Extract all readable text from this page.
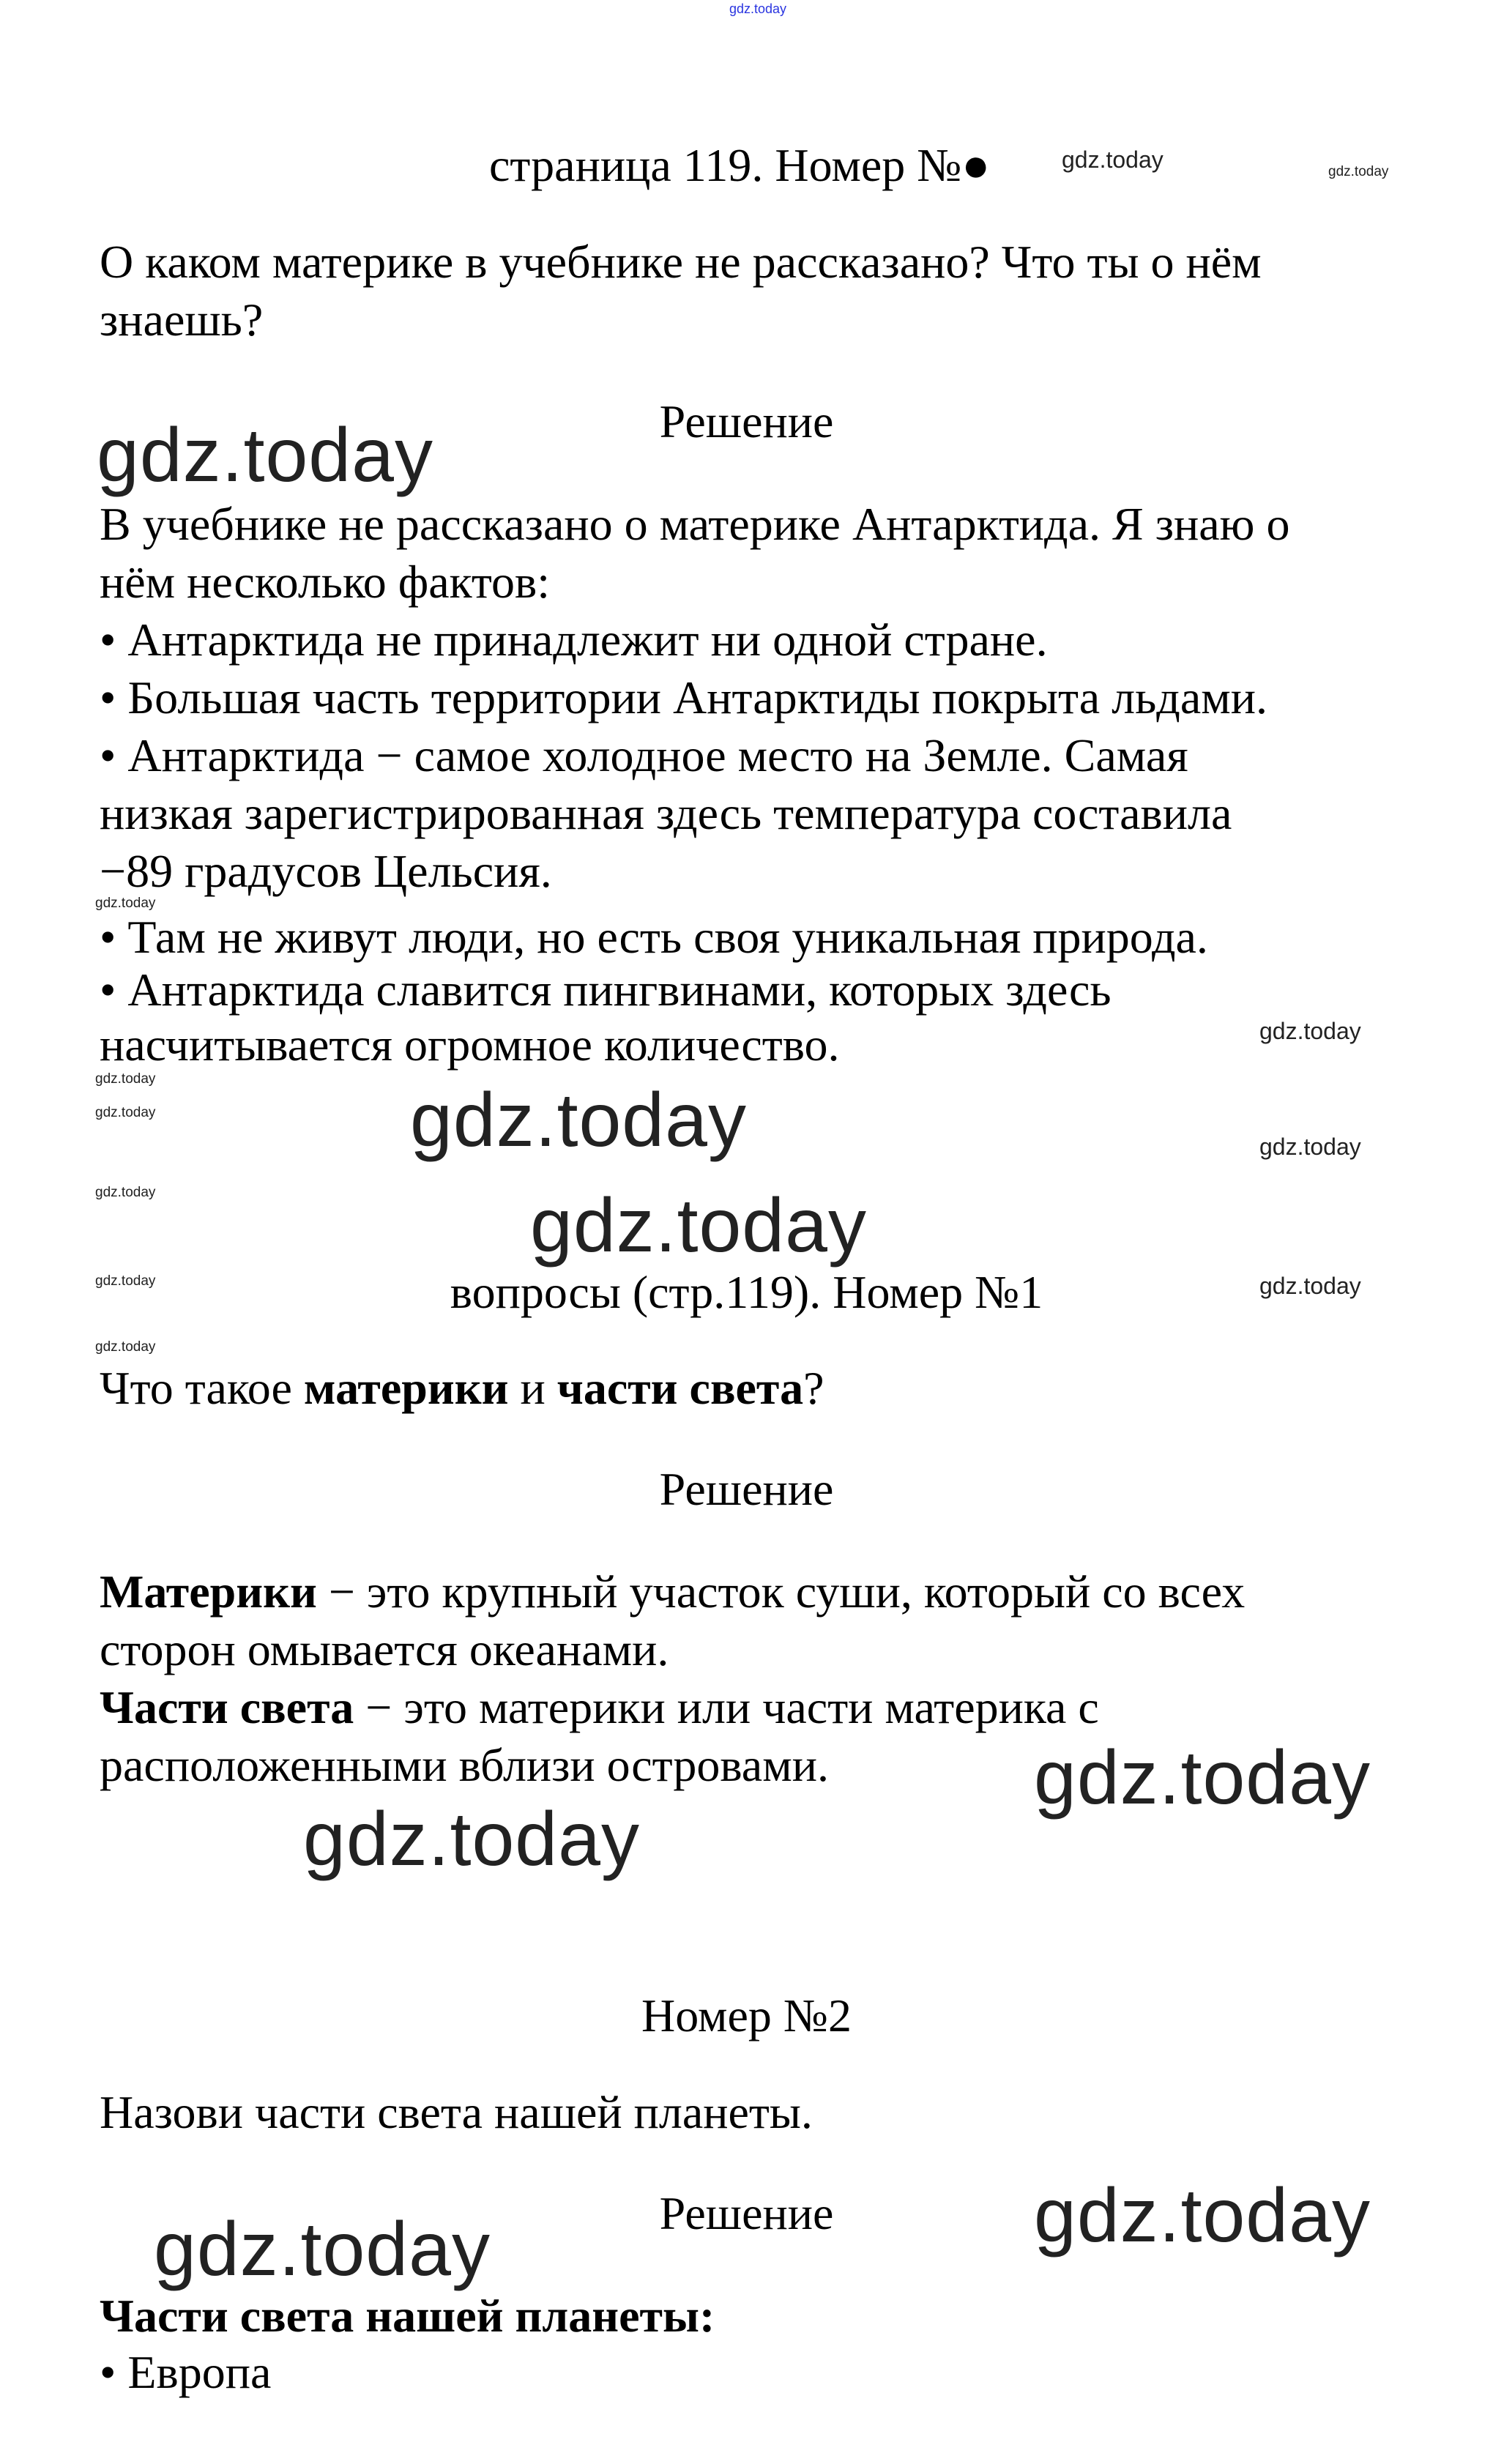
gdz.today
страница 119. Номер №●	gdz.today	gdz.today
О каком материке в учебнике не рассказано? Что ты о нём
знаешь?
Решение
gdz.today
В учебнике не рассказано о материке Антарктида. Я знаю о
нём несколько фактов:
• Антарктида не принадлежит ни одной стране.
• Большая часть территории Антарктиды покрыта льдами.
• Антарктида − самое холодное место на Земле. Самая
низкая зарегистрированная здесь температура составила
−89 градусов Цельсия.
gdz.today
• Там не живут люди, но есть своя уникальная природа.
• Антарктида славится пингвинами, которых здесь
gdz.today
насчитывается огромное количество.
gdz.today	gdz.today
gdz.today
gdz.today
gdz.today	gdz.today
gdz.today	gdz.today
вопросы (стр.119). Номер №1
gdz.today
Что такое материки и части света?
Решение
Материки − это крупный участок суши, который со всех
сторон омывается океанами.
Части света − это материки или части материка с
расположенными вблизи островами.	gdz.today
gdz.today
Номер №2
Назови части света нашей планеты.
Решение	gdz.today
gdz.today
Части света нашей планеты:
• Европа
